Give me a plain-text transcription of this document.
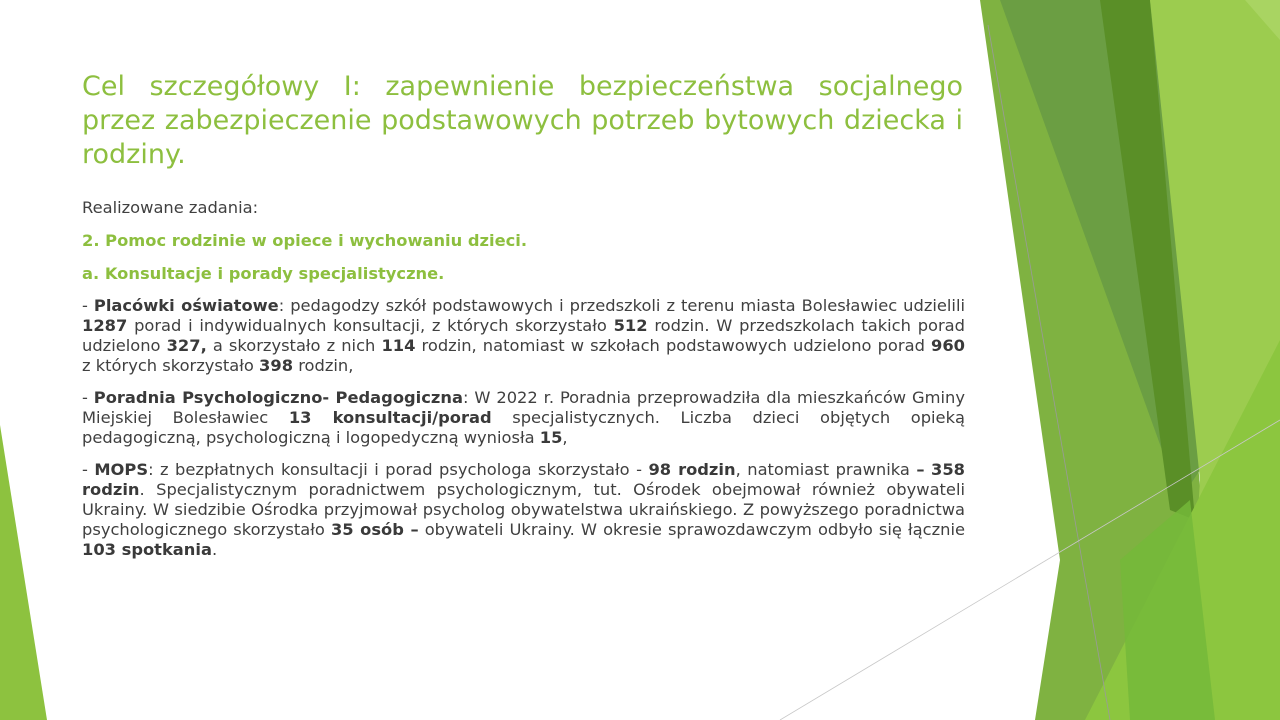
Cel szczegółowy I: zapewnienie bezpieczeństwa socjalnego przez zabezpieczenie podstawowych potrzeb bytowych dziecka i rodziny.

Realizowane zadania:

2. Pomoc rodzinie w opiece i wychowaniu dzieci.

a. Konsultacje i porady specjalistyczne.

- Placówki oświatowe: pedagodzy szkół podstawowych i przedszkoli z terenu miasta Bolesławiec udzielili 1287 porad i indywidualnych konsultacji, z których skorzystało 512 rodzin. W przedszkolach takich porad udzielono 327, a skorzystało z nich 114 rodzin, natomiast w szkołach podstawowych udzielono porad 960 z których skorzystało 398 rodzin,

- Poradnia Psychologiczno- Pedagogiczna: W 2022 r. Poradnia przeprowadziła dla mieszkańców Gminy Miejskiej Bolesławiec 13 konsultacji/porad specjalistycznych. Liczba dzieci objętych opieką pedagogiczną, psychologiczną i logopedyczną wyniosła 15,

- MOPS: z bezpłatnych konsultacji i porad psychologa skorzystało - 98 rodzin, natomiast prawnika – 358 rodzin. Specjalistycznym poradnictwem psychologicznym, tut. Ośrodek obejmował również obywateli Ukrainy. W siedzibie Ośrodka przyjmował psycholog obywatelstwa ukraińskiego. Z powyższego poradnictwa psychologicznego skorzystało 35 osób – obywateli Ukrainy. W okresie sprawozdawczym odbyło się łącznie 103 spotkania.
